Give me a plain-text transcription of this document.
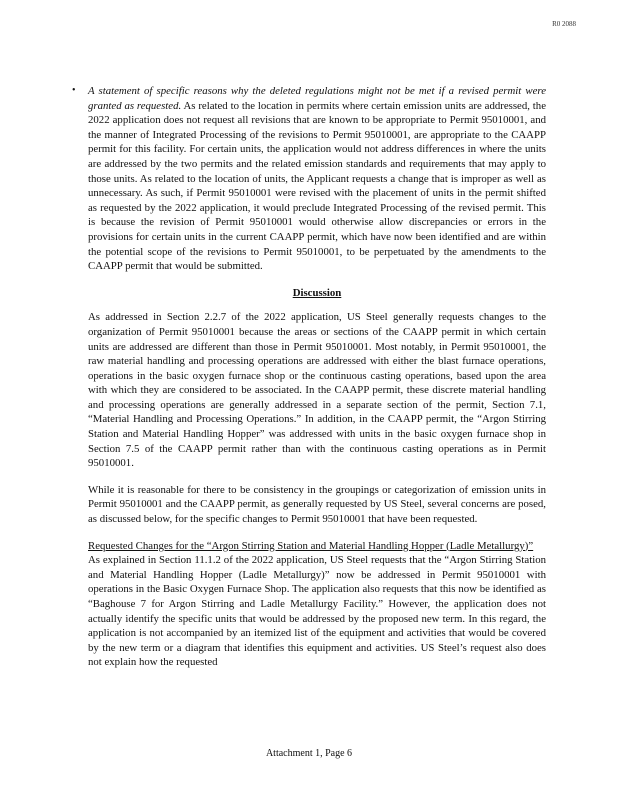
R0 2088
• A statement of specific reasons why the deleted regulations might not be met if a revised permit were granted as requested. As related to the location in permits where certain emission units are addressed, the 2022 application does not request all revisions that are known to be appropriate to Permit 95010001, and the manner of Integrated Processing of the revisions to Permit 95010001, are appropriate to the CAAPP permit for this facility. For certain units, the application would not address differences in where the units are addressed by the two permits and the related emission standards and requirements that may apply to those units. As related to the location of units, the Applicant requests a change that is improper as well as unnecessary. As such, if Permit 95010001 were revised with the placement of units in the permit shifted as requested by the 2022 application, it would preclude Integrated Processing of the revised permit. This is because the revision of Permit 95010001 would otherwise allow discrepancies or errors in the provisions for certain units in the current CAAPP permit, which have now been identified and are within the potential scope of the revisions to Permit 95010001, to be perpetuated by the amendments to the CAAPP permit that would be submitted.

Discussion

As addressed in Section 2.2.7 of the 2022 application, US Steel generally requests changes to the organization of Permit 95010001 because the areas or sections of the CAAPP permit in which certain units are addressed are different than those in Permit 95010001. Most notably, in Permit 95010001, the raw material handling and processing operations are addressed with either the blast furnace operations, operations in the basic oxygen furnace shop or the continuous casting operations, based upon the area with which they are considered to be associated. In the CAAPP permit, these discrete material handling and processing operations are generally addressed in a separate section of the permit, Section 7.1, “Material Handling and Processing Operations.” In addition, in the CAAPP permit, the “Argon Stirring Station and Material Handling Hopper” was addressed with units in the basic oxygen furnace shop in Section 7.5 of the CAAPP permit rather than with the continuous casting operations as in Permit 95010001.

While it is reasonable for there to be consistency in the groupings or categorization of emission units in Permit 95010001 and the CAAPP permit, as generally requested by US Steel, several concerns are posed, as discussed below, for the specific changes to Permit 95010001 that have been requested.

Requested Changes for the “Argon Stirring Station and Material Handling Hopper (Ladle Metallurgy)”

As explained in Section 11.1.2 of the 2022 application, US Steel requests that the “Argon Stirring Station and Material Handling Hopper (Ladle Metallurgy)” now be addressed in Permit 95010001 with operations in the Basic Oxygen Furnace Shop. The application also requests that this now be identified as “Baghouse 7 for Argon Stirring and Ladle Metallurgy Facility.” However, the application does not actually identify the specific units that would be addressed by the proposed new term. In this regard, the application is not accompanied by an itemized list of the equipment and activities that would be covered by the new term or a diagram that identifies this equipment and activities. US Steel’s request also does not explain how the requested

Attachment 1, Page 6
